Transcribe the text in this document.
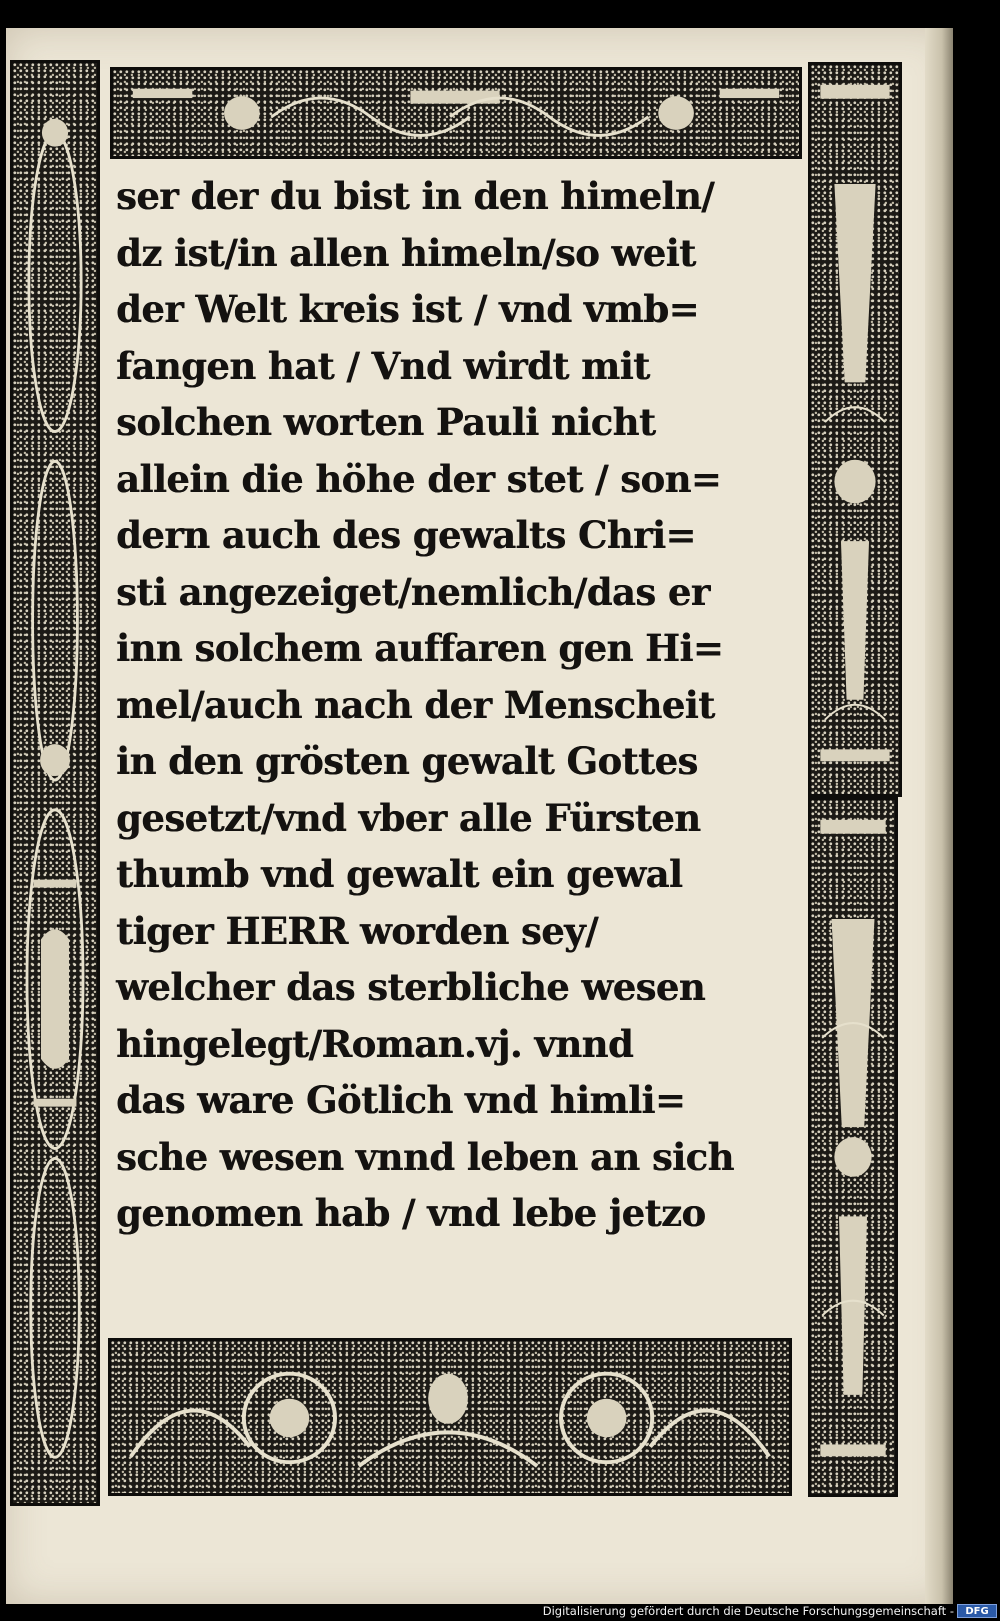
ser der du bist in den himeln/
dz ist/in allen himeln/so weit
der Welt kreis ist / vnd vmb=
fangen hat / Vnd wirdt mit
solchen worten Pauli nicht
allein die höhe der stet / son=
dern auch des gewalts Chri=
sti angezeiget/nemlich/das er
inn solchem auffaren gen Hi=
mel/auch nach der Menscheit
in den grösten gewalt Gottes
gesetzt/vnd vber alle Fürsten
thumb vnd gewalt ein gewal
tiger HERR worden sey/
welcher das sterbliche wesen
hingelegt/Roman.vj. vnnd
das ware Götlich vnd himli=
sche wesen vnnd leben an sich
genomen hab / vnd lebe jetzo
Digitalisierung gefördert durch die Deutsche Forschungsgemeinschaft -	DFG
